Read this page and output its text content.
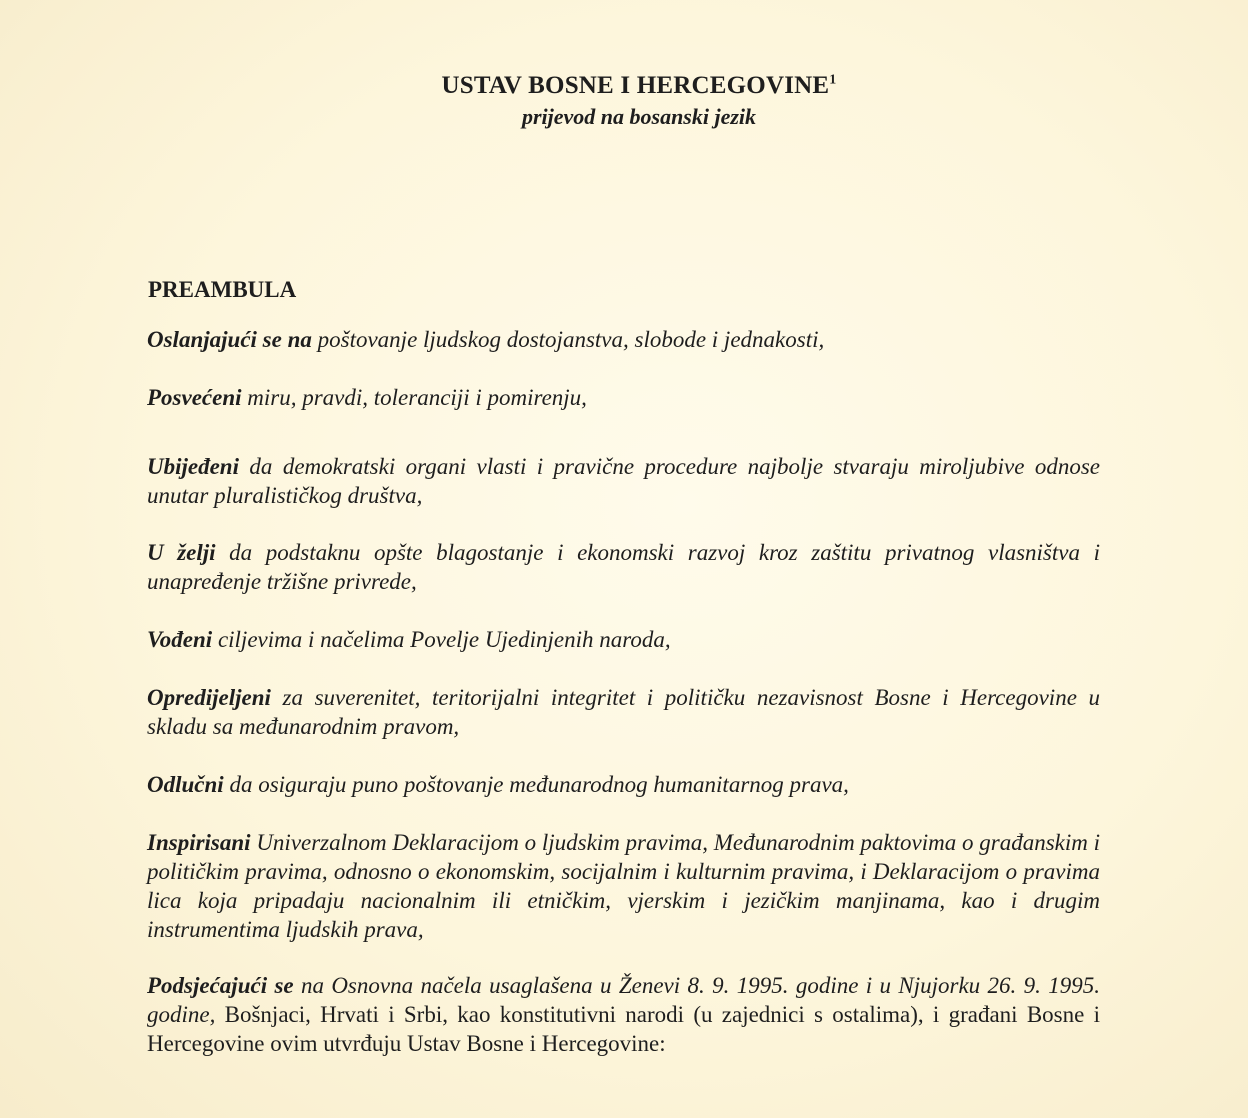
USTAV BOSNE I HERCEGOVINE$^1$
prijevod na bosanski jezik
PREAMBULA

Oslanjajući se na poštovanje ljudskog dostojanstva, slobode i jednakosti,

Posvećeni miru, pravdi, toleranciji i pomirenju,

Ubijeđeni da demokratski organi vlasti i pravične procedure najbolje stvaraju miroljubive odnose unutar pluralističkog društva,

U želji da podstaknu opšte blagostanje i ekonomski razvoj kroz zaštitu privatnog vlasništva i unapređenje tržišne privrede,

Vođeni ciljevima i načelima Povelje Ujedinjenih naroda,

Opredijeljeni za suverenitet, teritorijalni integritet i političku nezavisnost Bosne i Hercegovine u skladu sa međunarodnim pravom,

Odlučni da osiguraju puno poštovanje međunarodnog humanitarnog prava,

Inspirisani Univerzalnom Deklaracijom o ljudskim pravima, Međunarodnim paktovima o građanskim i političkim pravima, odnosno o ekonomskim, socijalnim i kulturnim pravima, i Deklaracijom o pravima lica koja pripadaju nacionalnim ili etničkim, vjerskim i jezičkim manjinama, kao i drugim instrumentima ljudskih prava,

Podsjećajući se na Osnovna načela usaglašena u Ženevi 8. 9. 1995. godine i u Njujorku 26. 9. 1995. godine, Bošnjaci, Hrvati i Srbi, kao konstitutivni narodi (u zajednici s ostalima), i građani Bosne i Hercegovine ovim utvrđuju Ustav Bosne i Hercegovine:
